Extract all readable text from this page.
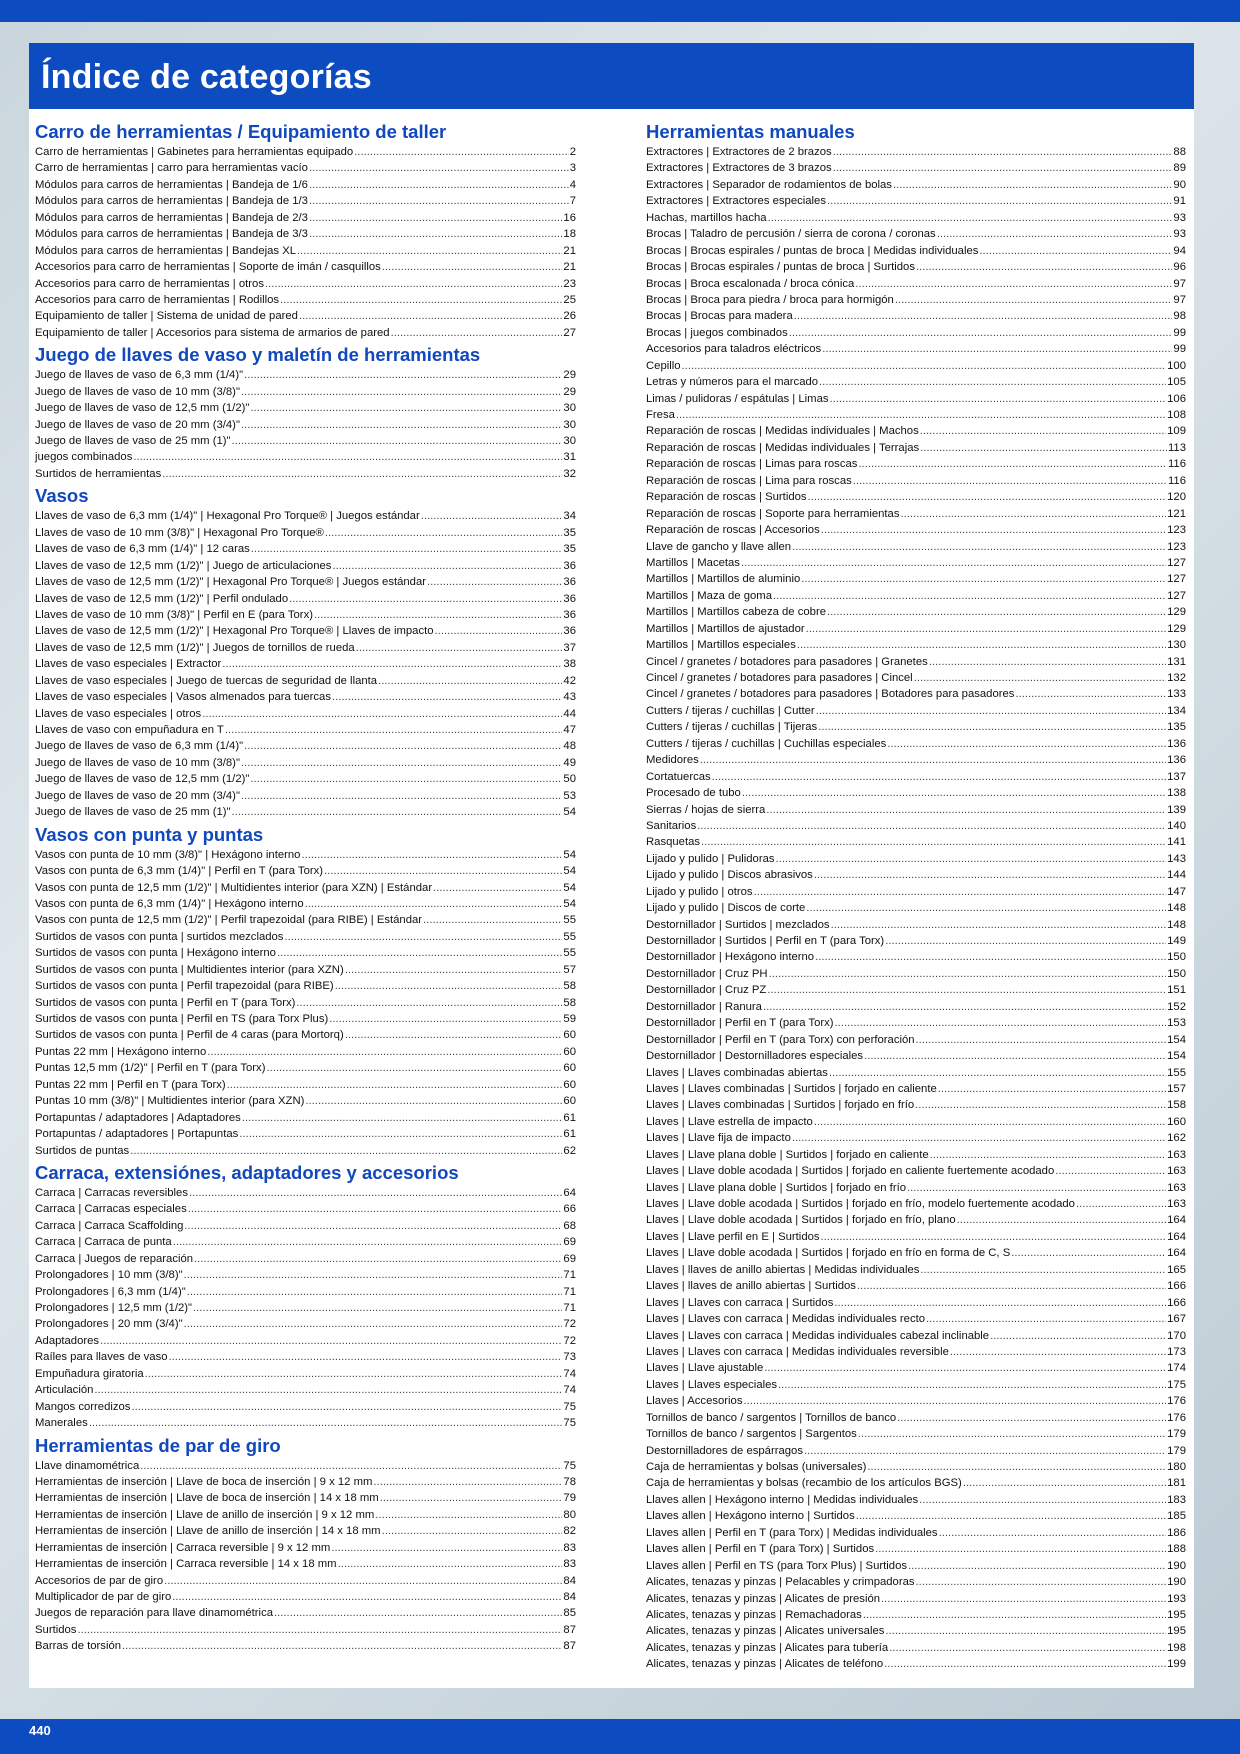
Índice de categorías
Carro de herramientas / Equipamiento de taller
Carro de herramientas | Gabinetes para herramientas equipado .....	2
Carro de herramientas | carro para herramientas vacío .....	3
Módulos para carros de herramientas | Bandeja de 1/6 .....	4
Módulos para carros de herramientas | Bandeja de 1/3 .....	7
Módulos para carros de herramientas | Bandeja de 2/3 .....	16
Módulos para carros de herramientas | Bandeja de 3/3 .....	18
Módulos para carros de herramientas | Bandejas XL .....	21
Accesorios para carro de herramientas | Soporte de imán / casquillos .....	21
Accesorios para carro de herramientas | otros .....	23
Accesorios para carro de herramientas | Rodillos .....	25
Equipamiento de taller | Sistema de unidad de pared .....	26
Equipamiento de taller | Accesorios para sistema de armarios de pared .....	27
Juego de llaves de vaso y maletín de herramientas
Juego de llaves de vaso de 6,3 mm (1/4)" .....	29
Juego de llaves de vaso de 10 mm (3/8)" .....	29
Juego de llaves de vaso de 12,5 mm (1/2)" .....	30
Juego de llaves de vaso de 20 mm (3/4)" .....	30
Juego de llaves de vaso de 25 mm (1)" .....	30
juegos combinados .....	31
Surtidos de herramientas .....	32
Vasos
Llaves de vaso de 6,3 mm (1/4)" | Hexagonal Pro Torque® | Juegos estándar .....	34
Llaves de vaso de 10 mm (3/8)" | Hexagonal Pro Torque® .....	35
Llaves de vaso de 6,3 mm (1/4)" | 12 caras .....	35
Llaves de vaso de 12,5 mm (1/2)" | Juego de articulaciones .....	36
Llaves de vaso de 12,5 mm (1/2)" | Hexagonal Pro Torque® | Juegos estándar .....	36
Llaves de vaso de 12,5 mm (1/2)" | Perfil ondulado .....	36
Llaves de vaso de 10 mm (3/8)" | Perfil en E (para Torx) .....	36
Llaves de vaso de 12,5 mm (1/2)" | Hexagonal Pro Torque® | Llaves de impacto .....	36
Llaves de vaso de 12,5 mm (1/2)" | Juegos de tornillos de rueda .....	37
Llaves de vaso especiales | Extractor .....	38
Llaves de vaso especiales | Juego de tuercas de seguridad de llanta .....	42
Llaves de vaso especiales | Vasos almenados para tuercas .....	43
Llaves de vaso especiales | otros .....	44
Llaves de vaso con empuñadura en T .....	47
Juego de llaves de vaso de 6,3 mm (1/4)" .....	48
Juego de llaves de vaso de 10 mm (3/8)" .....	49
Juego de llaves de vaso de 12,5 mm (1/2)" .....	50
Juego de llaves de vaso de 20 mm (3/4)" .....	53
Juego de llaves de vaso de 25 mm (1)" .....	54
Vasos con punta y puntas
Vasos con punta de 10 mm (3/8)" | Hexágono interno .....	54
Vasos con punta de 6,3 mm (1/4)" | Perfil en T (para Torx) .....	54
Vasos con punta de 12,5 mm (1/2)" | Multidientes interior (para XZN) | Estándar .....	54
Vasos con punta de 6,3 mm (1/4)" | Hexágono interno .....	54
Vasos con punta de 12,5 mm (1/2)" | Perfil trapezoidal (para RIBE) | Estándar .....	55
Surtidos de vasos con punta | surtidos mezclados .....	55
Surtidos de vasos con punta | Hexágono interno .....	55
Surtidos de vasos con punta | Multidientes interior (para XZN) .....	57
Surtidos de vasos con punta | Perfil trapezoidal (para RIBE) .....	58
Surtidos de vasos con punta | Perfil en T (para Torx) .....	58
Surtidos de vasos con punta | Perfil en TS (para Torx Plus) .....	59
Surtidos de vasos con punta | Perfil de 4 caras (para Mortorq) .....	60
Puntas 22 mm | Hexágono interno .....	60
Puntas 12,5 mm (1/2)" | Perfil en T (para Torx) .....	60
Puntas 22 mm | Perfil en T (para Torx) .....	60
Puntas 10 mm (3/8)" | Multidientes interior (para XZN) .....	60
Portapuntas / adaptadores | Adaptadores .....	61
Portapuntas / adaptadores | Portapuntas .....	61
Surtidos de puntas .....	62
Carraca, extensiónes, adaptadores y accesorios
Carraca | Carracas reversibles .....	64
Carraca | Carracas especiales .....	66
Carraca | Carraca Scaffolding .....	68
Carraca | Carraca de punta .....	69
Carraca | Juegos de reparación .....	69
Prolongadores | 10 mm (3/8)" .....	71
Prolongadores | 6,3 mm (1/4)" .....	71
Prolongadores | 12,5 mm (1/2)" .....	71
Prolongadores | 20 mm (3/4)" .....	72
Adaptadores .....	72
Raíles para llaves de vaso .....	73
Empuñadura giratoria .....	74
Articulación .....	74
Mangos corredizos .....	75
Manerales .....	75
Herramientas de par de giro
Llave dinamométrica .....	75
Herramientas de inserción | Llave de boca de inserción | 9 x 12 mm .....	78
Herramientas de inserción | Llave de boca de inserción | 14 x 18 mm .....	79
Herramientas de inserción | Llave de anillo de inserción | 9 x 12 mm .....	80
Herramientas de inserción | Llave de anillo de inserción | 14 x 18 mm .....	82
Herramientas de inserción | Carraca reversible | 9 x 12 mm .....	83
Herramientas de inserción | Carraca reversible | 14 x 18 mm .....	83
Accesorios de par de giro .....	84
Multiplicador de par de giro .....	84
Juegos de reparación para llave dinamométrica .....	85
Surtidos .....	87
Barras de torsión .....	87
Herramientas manuales
Extractores | Extractores de 2 brazos .....	88
Extractores | Extractores de 3 brazos .....	89
Extractores | Separador de rodamientos de bolas .....	90
Extractores | Extractores especiales .....	91
Hachas, martillos hacha .....	93
Brocas | Taladro de percusión / sierra de corona / coronas .....	93
Brocas | Brocas espirales / puntas de broca | Medidas individuales .....	94
Brocas | Brocas espirales / puntas de broca | Surtidos .....	96
Brocas | Broca escalonada / broca cónica .....	97
Brocas | Broca para piedra / broca para hormigón .....	97
Brocas | Brocas para madera .....	98
Brocas | juegos combinados .....	99
Accesorios para taladros eléctricos .....	99
Cepillo .....	100
Letras y números para el marcado .....	105
Limas / pulidoras / espátulas | Limas .....	106
Fresa .....	108
Reparación de roscas | Medidas individuales | Machos .....	109
Reparación de roscas | Medidas individuales | Terrajas .....	113
Reparación de roscas | Limas para roscas .....	116
Reparación de roscas | Lima para roscas .....	116
Reparación de roscas | Surtidos .....	120
Reparación de roscas | Soporte para herramientas .....	121
Reparación de roscas | Accesorios .....	123
Llave de gancho y llave allen .....	123
Martillos | Macetas .....	127
Martillos | Martillos de aluminio .....	127
Martillos | Maza de goma .....	127
Martillos | Martillos cabeza de cobre .....	129
Martillos | Martillos de ajustador .....	129
Martillos | Martillos especiales .....	130
Cincel / granetes / botadores para pasadores | Granetes .....	131
Cincel / granetes / botadores para pasadores | Cincel .....	132
Cincel / granetes / botadores para pasadores | Botadores para pasadores .....	133
Cutters / tijeras / cuchillas | Cutter .....	134
Cutters / tijeras / cuchillas | Tijeras .....	135
Cutters / tijeras / cuchillas | Cuchillas especiales .....	136
Medidores .....	136
Cortatuercas .....	137
Procesado de tubo .....	138
Sierras / hojas de sierra .....	139
Sanitarios .....	140
Rasquetas .....	141
Lijado y pulido | Pulidoras .....	143
Lijado y pulido | Discos abrasivos .....	144
Lijado y pulido | otros .....	147
Lijado y pulido | Discos de corte .....	148
Destornillador | Surtidos | mezclados .....	148
Destornillador | Surtidos | Perfil en T (para Torx) .....	149
Destornillador | Hexágono interno .....	150
Destornillador | Cruz PH .....	150
Destornillador | Cruz PZ .....	151
Destornillador | Ranura .....	152
Destornillador | Perfil en T (para Torx) .....	153
Destornillador | Perfil en T (para Torx) con perforación .....	154
Destornillador | Destornilladores especiales .....	154
Llaves | Llaves combinadas abiertas .....	155
Llaves | Llaves combinadas | Surtidos | forjado en caliente .....	157
Llaves | Llaves combinadas | Surtidos | forjado en frío .....	158
Llaves | Llave estrella de impacto .....	160
Llaves | Llave fija de impacto .....	162
Llaves | Llave plana doble | Surtidos | forjado en caliente .....	163
Llaves | Llave doble acodada | Surtidos | forjado en caliente fuertemente acodado .....	163
Llaves | Llave plana doble | Surtidos | forjado en frío .....	163
Llaves | Llave doble acodada | Surtidos | forjado en frío, modelo fuertemente acodado .....	163
Llaves | Llave doble acodada | Surtidos | forjado en frío, plano .....	164
Llaves | Llave perfil en E | Surtidos .....	164
Llaves | Llave doble acodada | Surtidos | forjado en frío en forma de C, S .....	164
Llaves | llaves de anillo abiertas | Medidas individuales .....	165
Llaves | llaves de anillo abiertas | Surtidos .....	166
Llaves | Llaves con carraca | Surtidos .....	166
Llaves | Llaves con carraca | Medidas individuales recto .....	167
Llaves | Llaves con carraca | Medidas individuales cabezal inclinable .....	170
Llaves | Llaves con carraca | Medidas individuales reversible .....	173
Llaves | Llave ajustable .....	174
Llaves | Llaves especiales .....	175
Llaves | Accesorios .....	176
Tornillos de banco / sargentos | Tornillos de banco .....	176
Tornillos de banco / sargentos | Sargentos .....	179
Destornilladores de espárragos .....	179
Caja de herramientas y bolsas (universales) .....	180
Caja de herramientas y bolsas (recambio de los artículos BGS) .....	181
Llaves allen | Hexágono interno | Medidas individuales .....	183
Llaves allen | Hexágono interno | Surtidos .....	185
Llaves allen | Perfil en T (para Torx) | Medidas individuales .....	186
Llaves allen | Perfil en T (para Torx) | Surtidos .....	188
Llaves allen | Perfil en TS (para Torx Plus) | Surtidos .....	190
Alicates, tenazas y pinzas | Pelacables y crimpadoras .....	190
Alicates, tenazas y pinzas | Alicates de presión .....	193
Alicates, tenazas y pinzas | Remachadoras .....	195
Alicates, tenazas y pinzas | Alicates universales .....	195
Alicates, tenazas y pinzas | Alicates para tubería .....	198
Alicates, tenazas y pinzas | Alicates de teléfono .....	199
440
